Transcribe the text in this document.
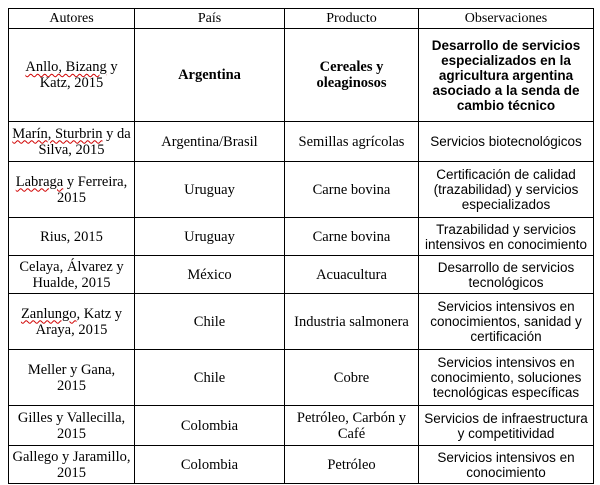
Autores	País	Producto	Observaciones
Anllo, Bizang y Katz, 2015	Argentina	Cereales y oleaginosos	Desarrollo de servicios especializados en la agricultura argentina asociado a la senda de cambio técnico
Marín, Sturbrin y da Silva, 2015	Argentina/Brasil	Semillas agrícolas	Servicios biotecnológicos
Labraga y Ferreira, 2015	Uruguay	Carne bovina	Certificación de calidad (trazabilidad) y servicios especializados
Rius, 2015	Uruguay	Carne bovina	Trazabilidad y servicios intensivos en conocimiento
Celaya, Álvarez y Hualde, 2015	México	Acuacultura	Desarrollo de servicios tecnológicos
Zanlungo, Katz y Araya, 2015	Chile	Industria salmonera	Servicios intensivos en conocimientos, sanidad y certificación
Meller y Gana, 2015	Chile	Cobre	Servicios intensivos en conocimiento, soluciones tecnológicas específicas
Gilles y Vallecilla, 2015	Colombia	Petróleo, Carbón y Café	Servicios de infraestructura y competitividad
Gallego y Jaramillo, 2015	Colombia	Petróleo	Servicios intensivos en conocimiento
